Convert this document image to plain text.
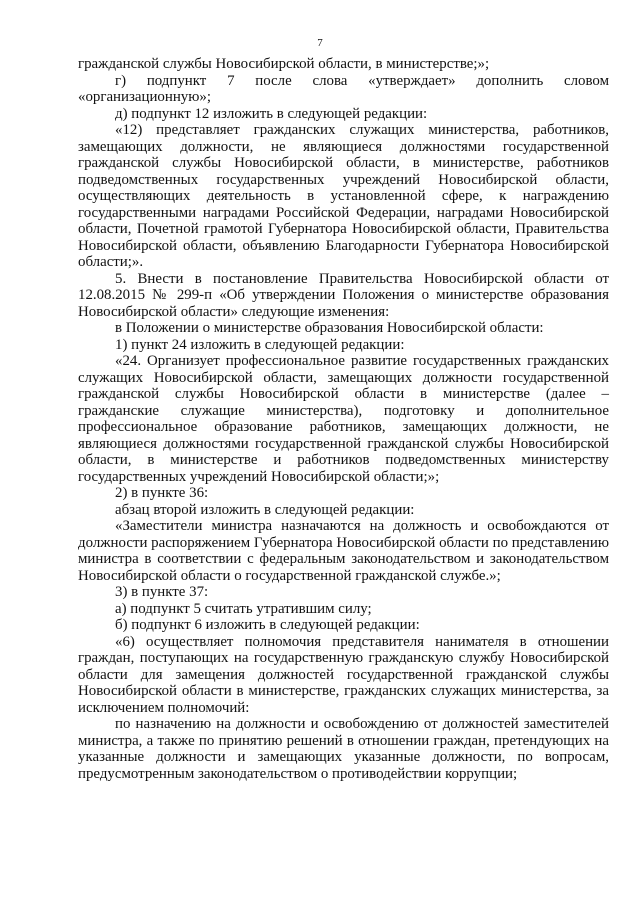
7

гражданской службы Новосибирской области, в министерстве;»;

г) подпункт 7 после слова «утверждает» дополнить словом «организационную»;

д) подпункт 12 изложить в следующей редакции:

«12) представляет гражданских служащих министерства, работников, замещающих должности, не являющиеся должностями государственной гражданской службы Новосибирской области, в министерстве, работников подведомственных государственных учреждений Новосибирской области, осуществляющих деятельность в установленной сфере, к награждению государственными наградами Российской Федерации, наградами Новосибирской области, Почетной грамотой Губернатора Новосибирской области, Правительства Новосибирской области, объявлению Благодарности Губернатора Новосибирской области;».

5. Внести в постановление Правительства Новосибирской области от 12.08.2015 № 299-п «Об утверждении Положения о министерстве образования Новосибирской области» следующие изменения:

в Положении о министерстве образования Новосибирской области:

1) пункт 24 изложить в следующей редакции:

«24. Организует профессиональное развитие государственных гражданских служащих Новосибирской области, замещающих должности государственной гражданской службы Новосибирской области в министерстве (далее – гражданские служащие министерства), подготовку и дополнительное профессиональное образование работников, замещающих должности, не являющиеся должностями государственной гражданской службы Новосибирской области, в министерстве и работников подведомственных министерству государственных учреждений Новосибирской области;»;

2) в пункте 36:

абзац второй изложить в следующей редакции:

«Заместители министра назначаются на должность и освобождаются от должности распоряжением Губернатора Новосибирской области по представлению министра в соответствии с федеральным законодательством и законодательством Новосибирской области о государственной гражданской службе.»;

3) в пункте 37:

а) подпункт 5 считать утратившим силу;

б) подпункт 6 изложить в следующей редакции:

«6) осуществляет полномочия представителя нанимателя в отношении граждан, поступающих на государственную гражданскую службу Новосибирской области для замещения должностей государственной гражданской службы Новосибирской области в министерстве, гражданских служащих министерства, за исключением полномочий:

по назначению на должности и освобождению от должностей заместителей министра, а также по принятию решений в отношении граждан, претендующих на указанные должности и замещающих указанные должности, по вопросам, предусмотренным законодательством о противодействии коррупции;
